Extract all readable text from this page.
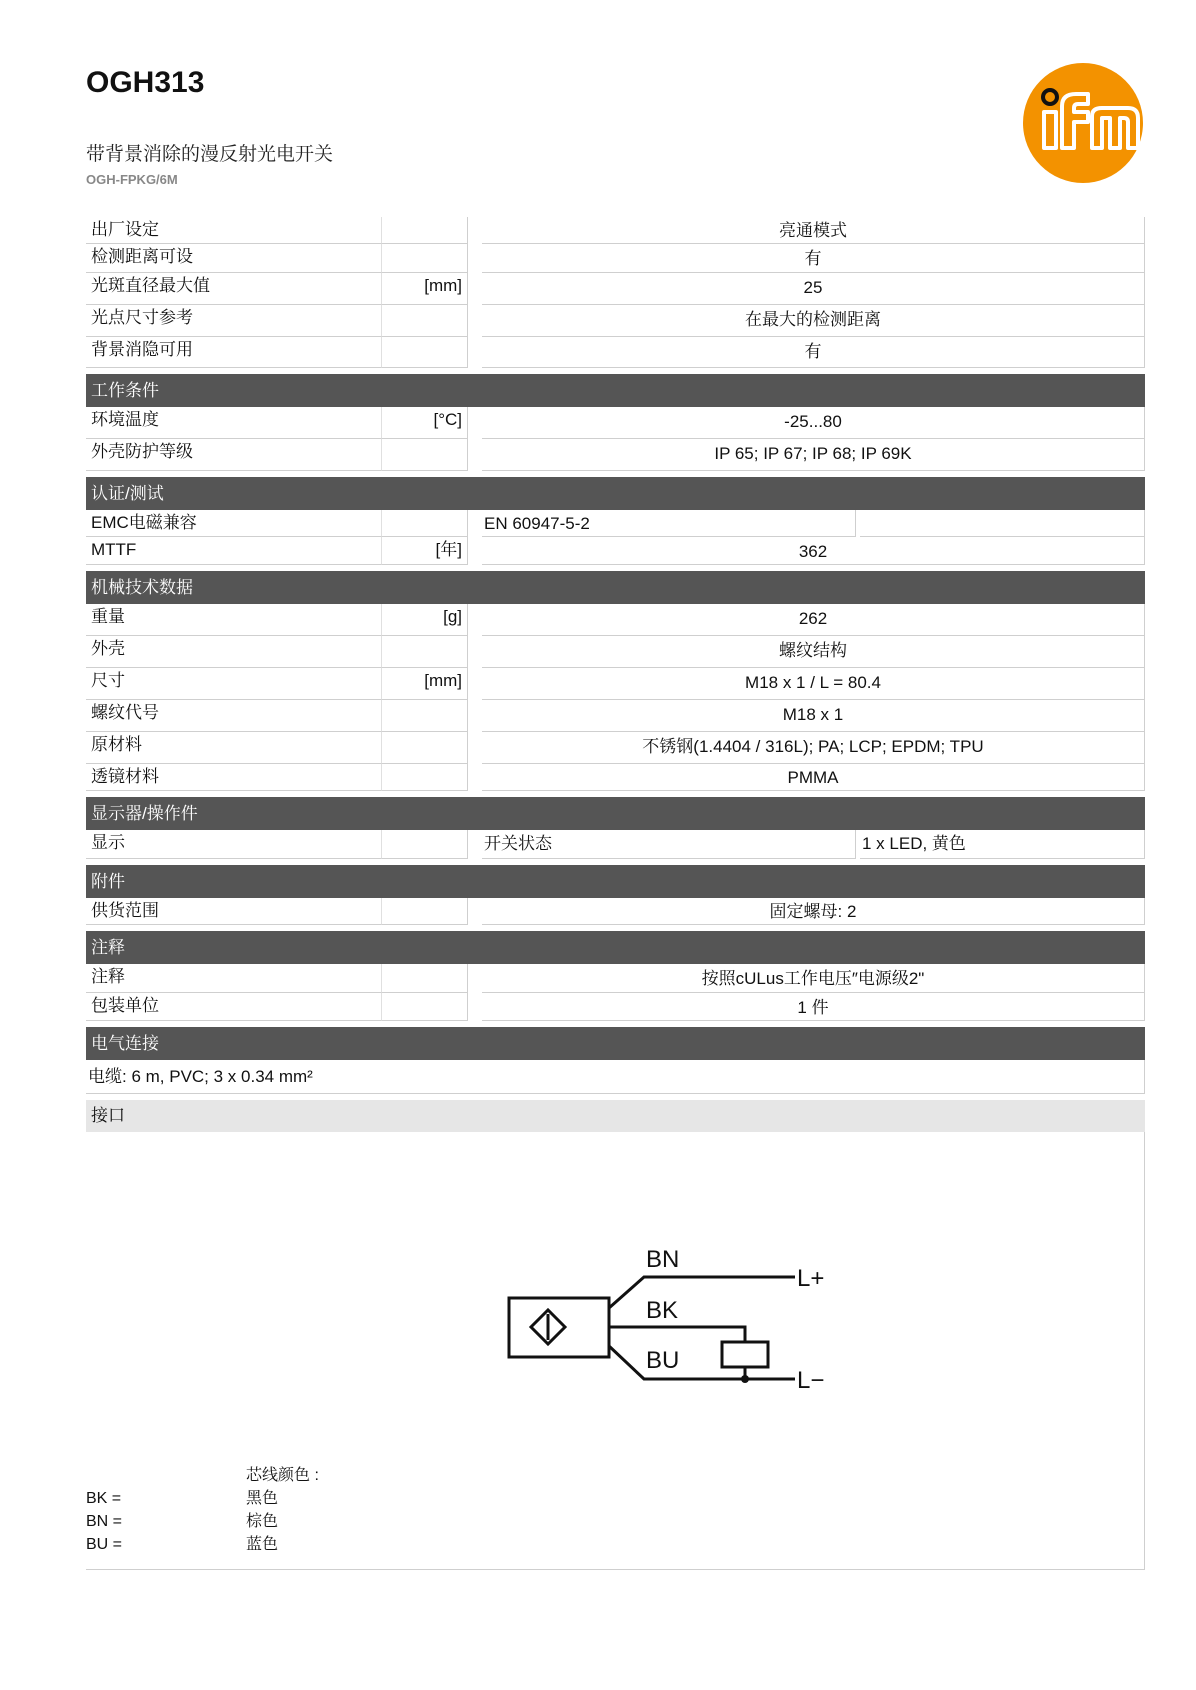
OGH313
带背景消除的漫反射光电开关
OGH-FPKG/6M
出厂设定	亮通模式
检测距离可设	有
光斑直径最大值	[mm]	25
光点尺寸参考	在最大的检测距离
背景消隐可用	有
工作条件
环境温度	[°C]	-25...80
外壳防护等级	IP 65; IP 67; IP 68; IP 69K
认证/测试
EMC电磁兼容	EN 60947-5-2
MTTF	[年]	362
机械技术数据
重量	[g]	262
外壳	螺纹结构
尺寸	[mm]	M18 x 1 / L = 80.4
螺纹代号	M18 x 1
原材料	不锈钢(1.4404 / 316L); PA; LCP; EPDM; TPU
透镜材料	PMMA
显示器/操作件
显示	开关状态	1 x LED, 黄色
附件
供货范围	固定螺母: 2
注释
注释	按照cULus工作电压″电源级2"
包装单位	1 件
电气连接
电缆: 6 m, PVC; 3 x 0.34 mm²
接口
BN
BK
BU
L+
L−
芯线颜色 :
BK =	黑色
BN =	棕色
BU =	蓝色
